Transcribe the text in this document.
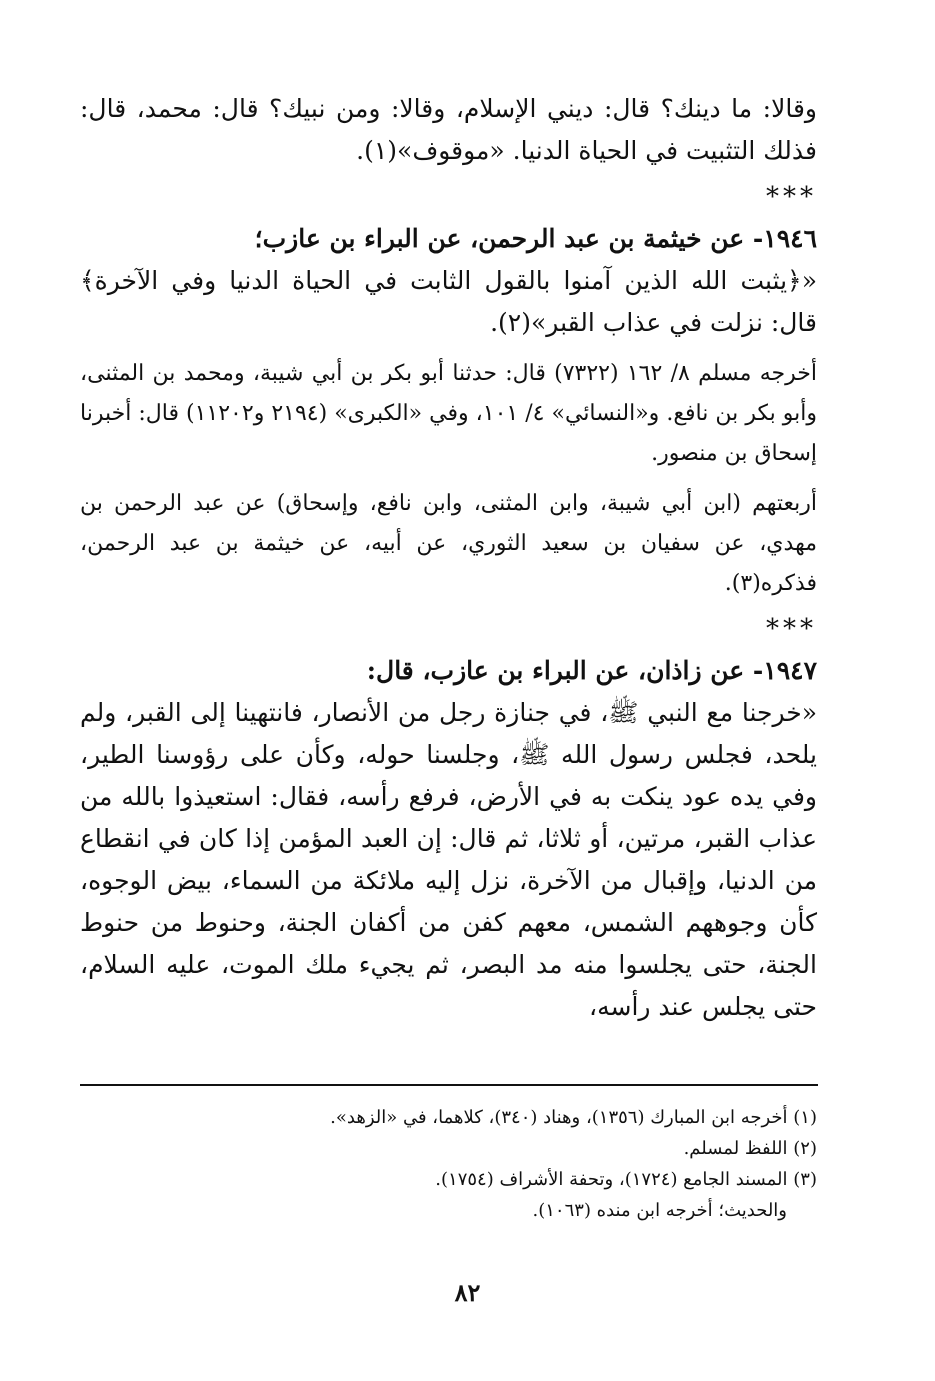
وقالا: ما دينك؟ قال: ديني الإسلام، وقالا: ومن نبيك؟ قال: محمد، قال: فذلك التثبيت في الحياة الدنيا. «موقوف»(١).

***

١٩٤٦- عن خيثمة بن عبد الرحمن، عن البراء بن عازب؛

«﴿يثبت الله الذين آمنوا بالقول الثابت في الحياة الدنيا وفي الآخرة﴾ قال: نزلت في عذاب القبر»(٢).

أخرجه مسلم ٨/ ١٦٢ (٧٣٢٢) قال: حدثنا أبو بكر بن أبي شيبة، ومحمد بن المثنى، وأبو بكر بن نافع. و«النسائي» ٤/ ١٠١، وفي «الكبرى» (٢١٩٤ و١١٢٠٢) قال: أخبرنا إسحاق بن منصور.

أربعتهم (ابن أبي شيبة، وابن المثنى، وابن نافع، وإسحاق) عن عبد الرحمن بن مهدي، عن سفيان بن سعيد الثوري، عن أبيه، عن خيثمة بن عبد الرحمن، فذكره(٣).

***

١٩٤٧- عن زاذان، عن البراء بن عازب، قال:

«خرجنا مع النبي ﷺ، في جنازة رجل من الأنصار، فانتهينا إلى القبر، ولم يلحد، فجلس رسول الله ﷺ، وجلسنا حوله، وكأن على رؤوسنا الطير، وفي يده عود ينكت به في الأرض، فرفع رأسه، فقال: استعيذوا بالله من عذاب القبر، مرتين، أو ثلاثا، ثم قال: إن العبد المؤمن إذا كان في انقطاع من الدنيا، وإقبال من الآخرة، نزل إليه ملائكة من السماء، بيض الوجوه، كأن وجوههم الشمس، معهم كفن من أكفان الجنة، وحنوط من حنوط الجنة، حتى يجلسوا منه مد البصر، ثم يجيء ملك الموت، عليه السلام، حتى يجلس عند رأسه،

(١) أخرجه ابن المبارك (١٣٥٦)، وهناد (٣٤٠)، كلاهما، في «الزهد».

(٢) اللفظ لمسلم.

(٣) المسند الجامع (١٧٢٤)، وتحفة الأشراف (١٧٥٤).

والحديث؛ أخرجه ابن منده (١٠٦٣).

٨٢
